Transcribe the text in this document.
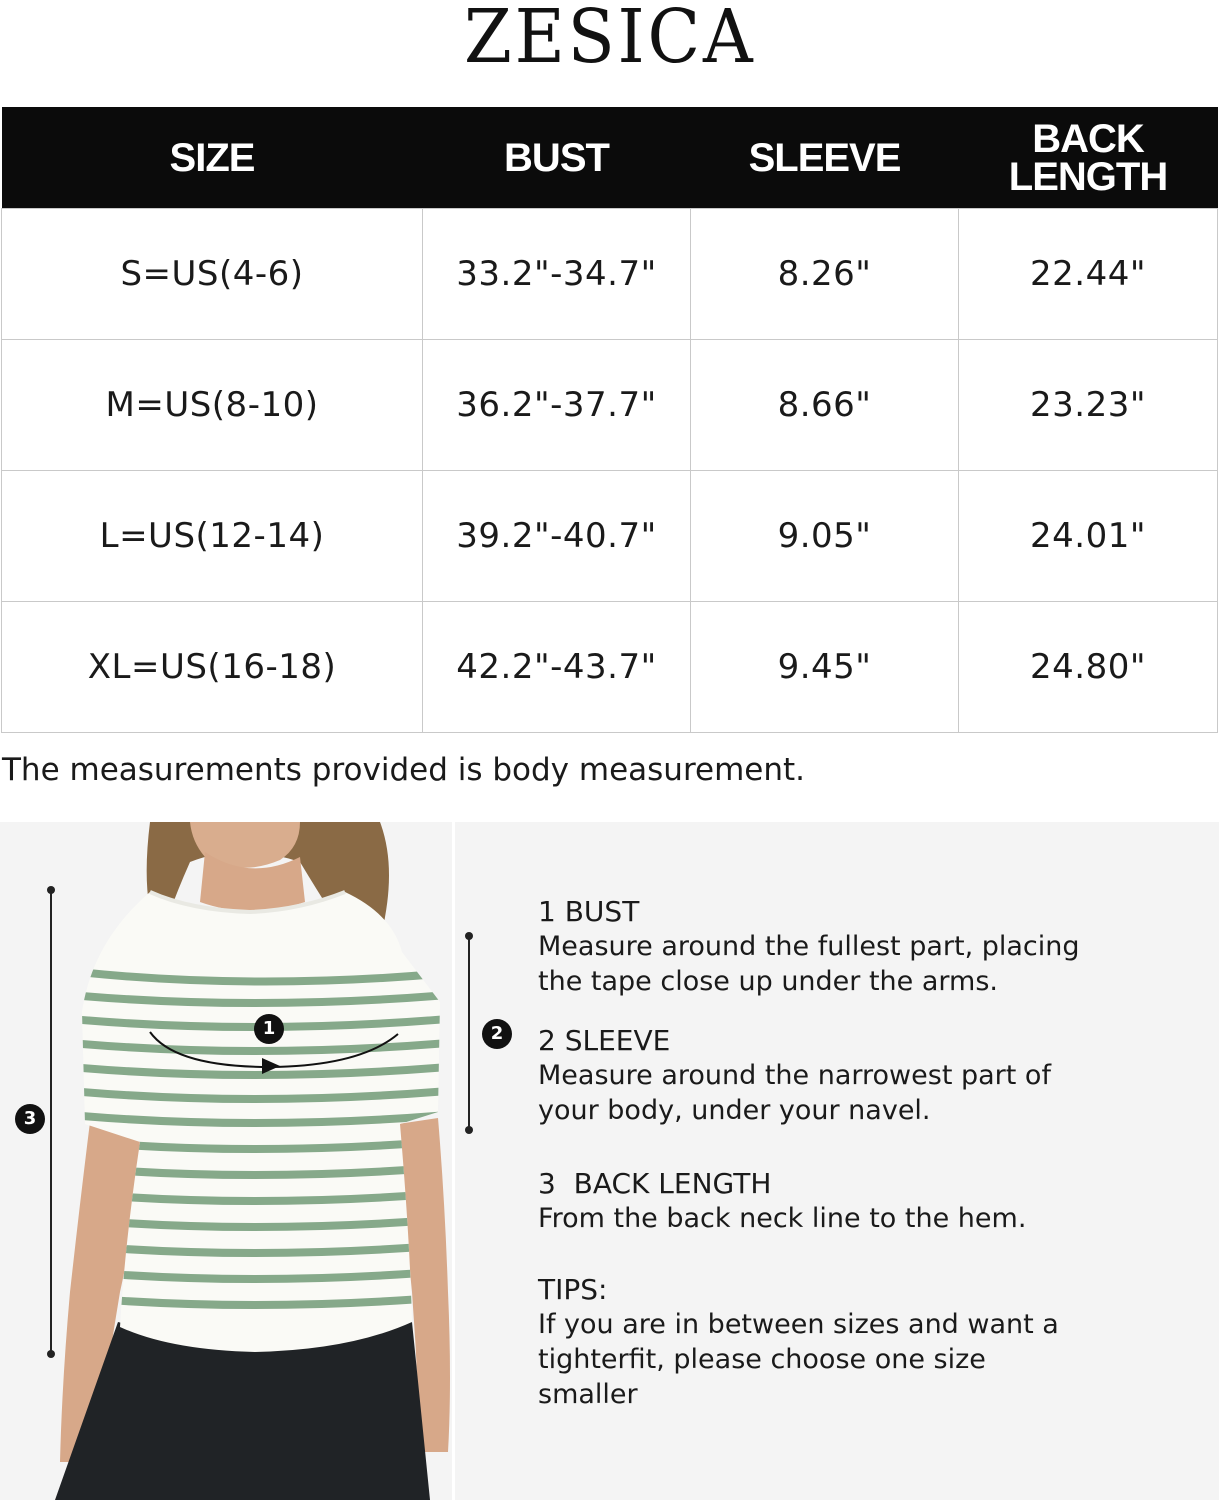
ZESICA
SIZE	BUST	SLEEVE	BACK LENGTH

S=US(4-6)	33.2"-34.7"	8.26"	22.44"
M=US(8-10)	36.2"-37.7"	8.66"	23.23"
L=US(12-14)	39.2"-40.7"	9.05"	24.01"
XL=US(16-18)	42.2"-43.7"	9.45"	24.80"
The measurements provided is body measurement.
1
3
2
1 BUST
Measure around the fullest part, placing
the tape close up under the arms.
2 SLEEVE
Measure around the narrowest part of
your body, under your navel.
3  BACK LENGTH
From the back neck line to the hem.
TIPS:
If you are in between sizes and want a
tighterfit, please choose one size
smaller
